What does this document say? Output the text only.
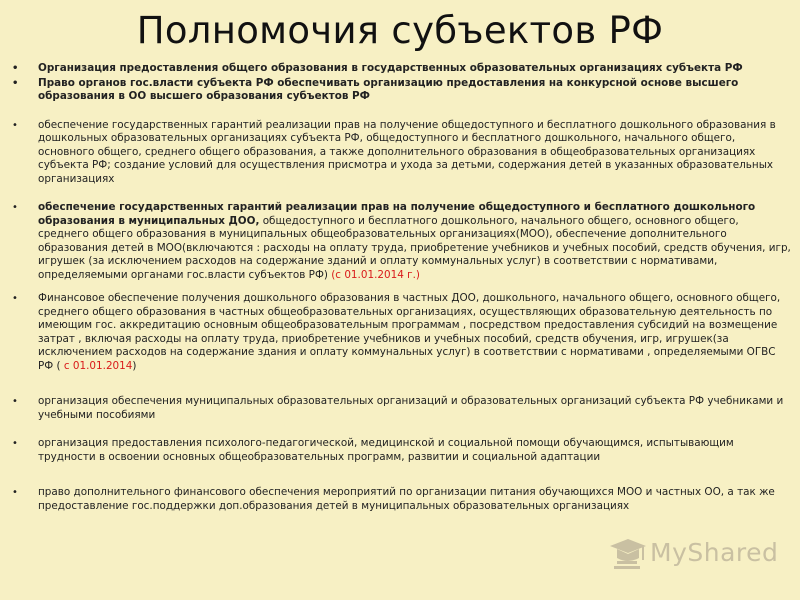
Полномочия субъектов РФ
• Организация предоставления общего образования в государственных образовательных организациях субъекта РФ
• Право органов гос.власти субъекта РФ обеспечивать организацию предоставления на конкурсной основе высшего образования в ОО высшего образования субъектов РФ
• обеспечение государственных гарантий реализации прав на получение общедоступного и бесплатного дошкольного образования в дошкольных образовательных организациях субъекта РФ, общедоступного и бесплатного дошкольного, начального общего, основного общего, среднего общего образования, а также дополнительного образования в общеобразовательных организациях субъекта РФ; создание условий для осуществления присмотра и ухода за детьми, содержания детей в указанных образовательных организациях
• обеспечение государственных гарантий реализации прав на получение общедоступного и бесплатного дошкольного образования в муниципальных ДОО, общедоступного и бесплатного дошкольного, начального общего, основного общего, среднего общего образования в муниципальных общеобразовательных организациях(МОО), обеспечение дополнительного образования детей в МОО(включаются : расходы на оплату труда, приобретение учебников и учебных пособий, средств обучения, игр, игрушек (за исключением расходов на содержание зданий и оплату коммунальных услуг) в соответствии с нормативами, определяемыми органами гос.власти субъектов РФ) (с 01.01.2014 г.)
• Финансовое обеспечение получения дошкольного образования в частных ДОО, дошкольного, начального общего, основного общего, среднего общего образования в частных общеобразовательных организациях, осуществляющих образовательную деятельность по имеющим гос. аккредитацию основным общеобразовательным программам , посредством предоставления субсидий на возмещение затрат , включая расходы на оплату труда, приобретение учебников и учебных пособий, средств обучения, игр, игрушек(за исключением расходов на содержание здания и оплату коммунальных услуг) в соответствии с нормативами , определяемыми ОГВС РФ ( с 01.01.2014)
• организация обеспечения муниципальных образовательных организаций и образовательных организаций субъекта РФ учебниками и учебными пособиями
• организация предоставления психолого-педагогической, медицинской и социальной помощи обучающимся, испытывающим трудности в освоении основных общеобразовательных программ, развитии и социальной адаптации
• право дополнительного финансового обеспечения мероприятий по организации питания обучающихся МОО и частных ОО, а так же предоставление гос.поддержки доп.образования детей в муниципальных образовательных организациях
MyShared
